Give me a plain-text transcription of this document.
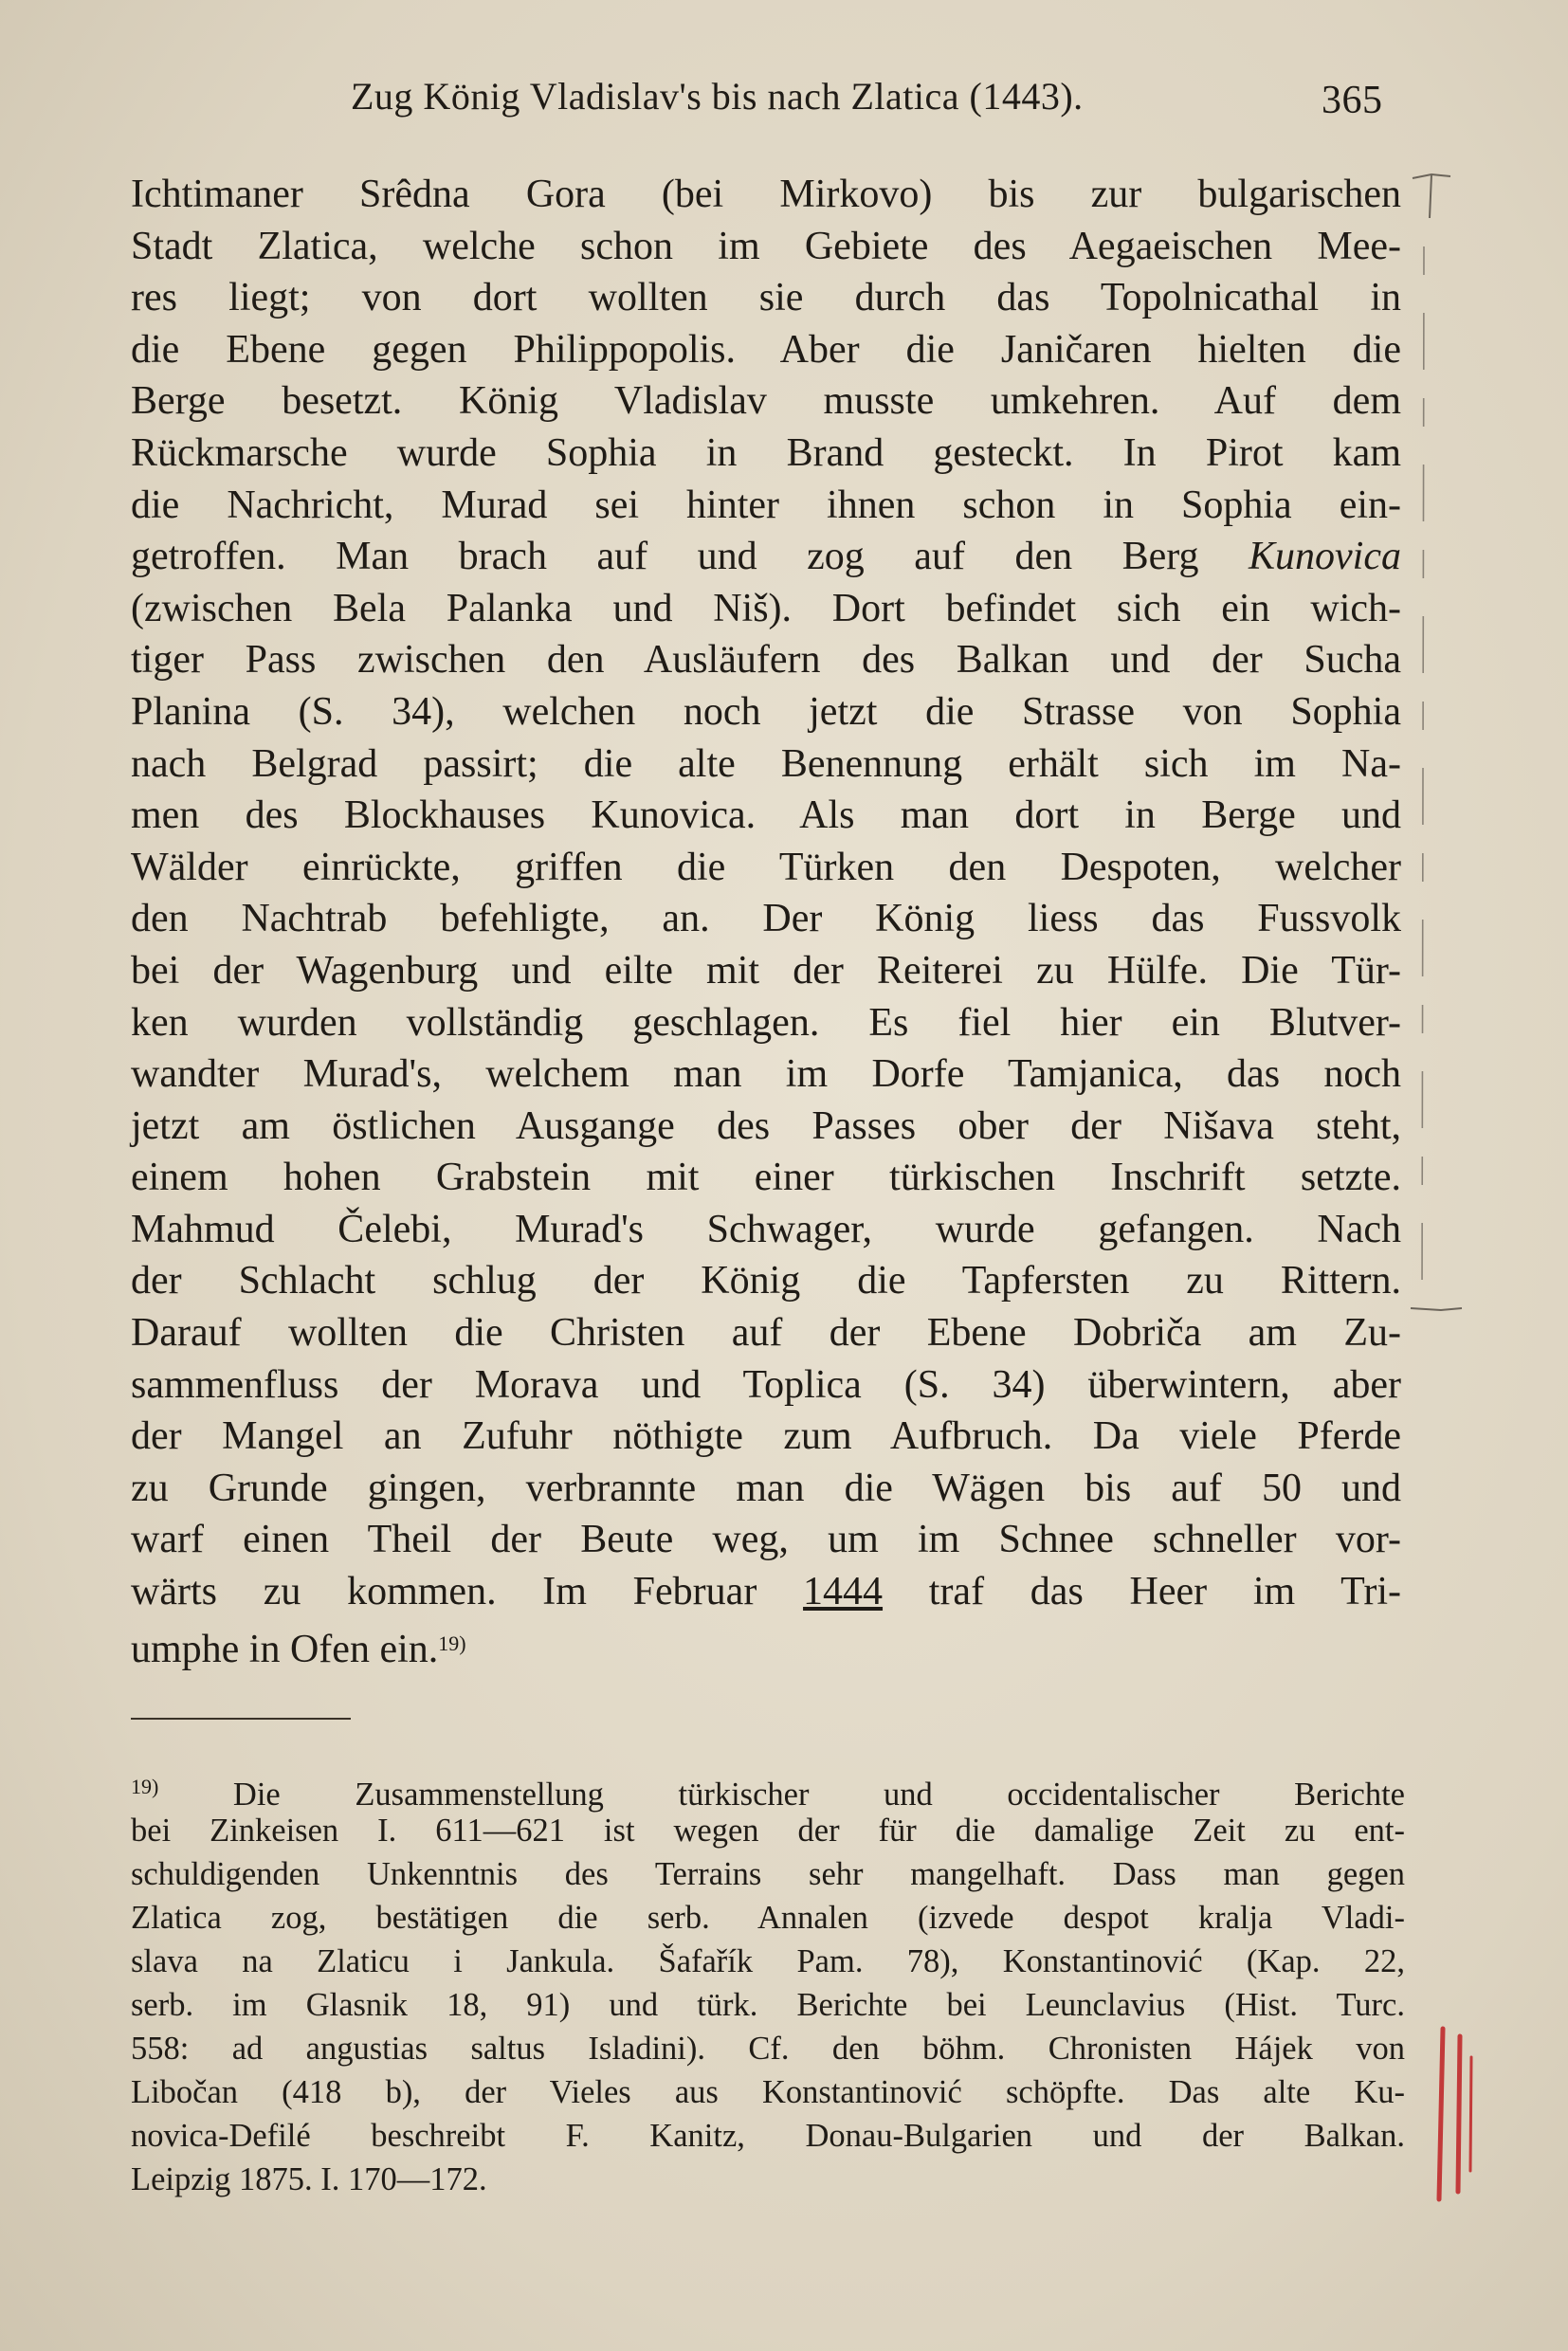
Zug König Vladislav's bis nach Zlatica (1443).	365
Ichtimaner Srêdna Gora (bei Mirkovo) bis zur bulgarischen
Stadt Zlatica, welche schon im Gebiete des Aegaeischen Mee-
res liegt; von dort wollten sie durch das Topolnicathal in
die Ebene gegen Philippopolis. Aber die Janičaren hielten die
Berge besetzt. König Vladislav musste umkehren. Auf dem
Rückmarsche wurde Sophia in Brand gesteckt. In Pirot kam
die Nachricht, Murad sei hinter ihnen schon in Sophia ein-
getroffen. Man brach auf und zog auf den Berg Kunovica
(zwischen Bela Palanka und Niš). Dort befindet sich ein wich-
tiger Pass zwischen den Ausläufern des Balkan und der Sucha
Planina (S. 34), welchen noch jetzt die Strasse von Sophia
nach Belgrad passirt; die alte Benennung erhält sich im Na-
men des Blockhauses Kunovica. Als man dort in Berge und
Wälder einrückte, griffen die Türken den Despoten, welcher
den Nachtrab befehligte, an. Der König liess das Fussvolk
bei der Wagenburg und eilte mit der Reiterei zu Hülfe. Die Tür-
ken wurden vollständig geschlagen. Es fiel hier ein Blutver-
wandter Murad's, welchem man im Dorfe Tamjanica, das noch
jetzt am östlichen Ausgange des Passes ober der Nišava steht,
einem hohen Grabstein mit einer türkischen Inschrift setzte.
Mahmud Čelebi, Murad's Schwager, wurde gefangen. Nach
der Schlacht schlug der König die Tapfersten zu Rittern.
Darauf wollten die Christen auf der Ebene Dobriča am Zu-
sammenfluss der Morava und Toplica (S. 34) überwintern, aber
der Mangel an Zufuhr nöthigte zum Aufbruch. Da viele Pferde
zu Grunde gingen, verbrannte man die Wägen bis auf 50 und
warf einen Theil der Beute weg, um im Schnee schneller vor-
wärts zu kommen. Im Februar 1444 traf das Heer im Tri-
umphe in Ofen ein.$^{19)}$
$^{19)}$ Die Zusammenstellung türkischer und occidentalischer Berichte
bei Zinkeisen I. 611—621 ist wegen der für die damalige Zeit zu ent-
schuldigenden Unkenntnis des Terrains sehr mangelhaft. Dass man gegen
Zlatica zog, bestätigen die serb. Annalen (izvede despot kralja Vladi-
slava na Zlaticu i Jankula. Šafařík Pam. 78), Konstantinović (Kap. 22,
serb. im Glasnik 18, 91) und türk. Berichte bei Leunclavius (Hist. Turc.
558: ad angustias saltus Isladini). Cf. den böhm. Chronisten Hájek von
Libočan (418 b), der Vieles aus Konstantinović schöpfte. Das alte Ku-
novica-Defilé beschreibt F. Kanitz, Donau-Bulgarien und der Balkan.
Leipzig 1875. I. 170—172.
